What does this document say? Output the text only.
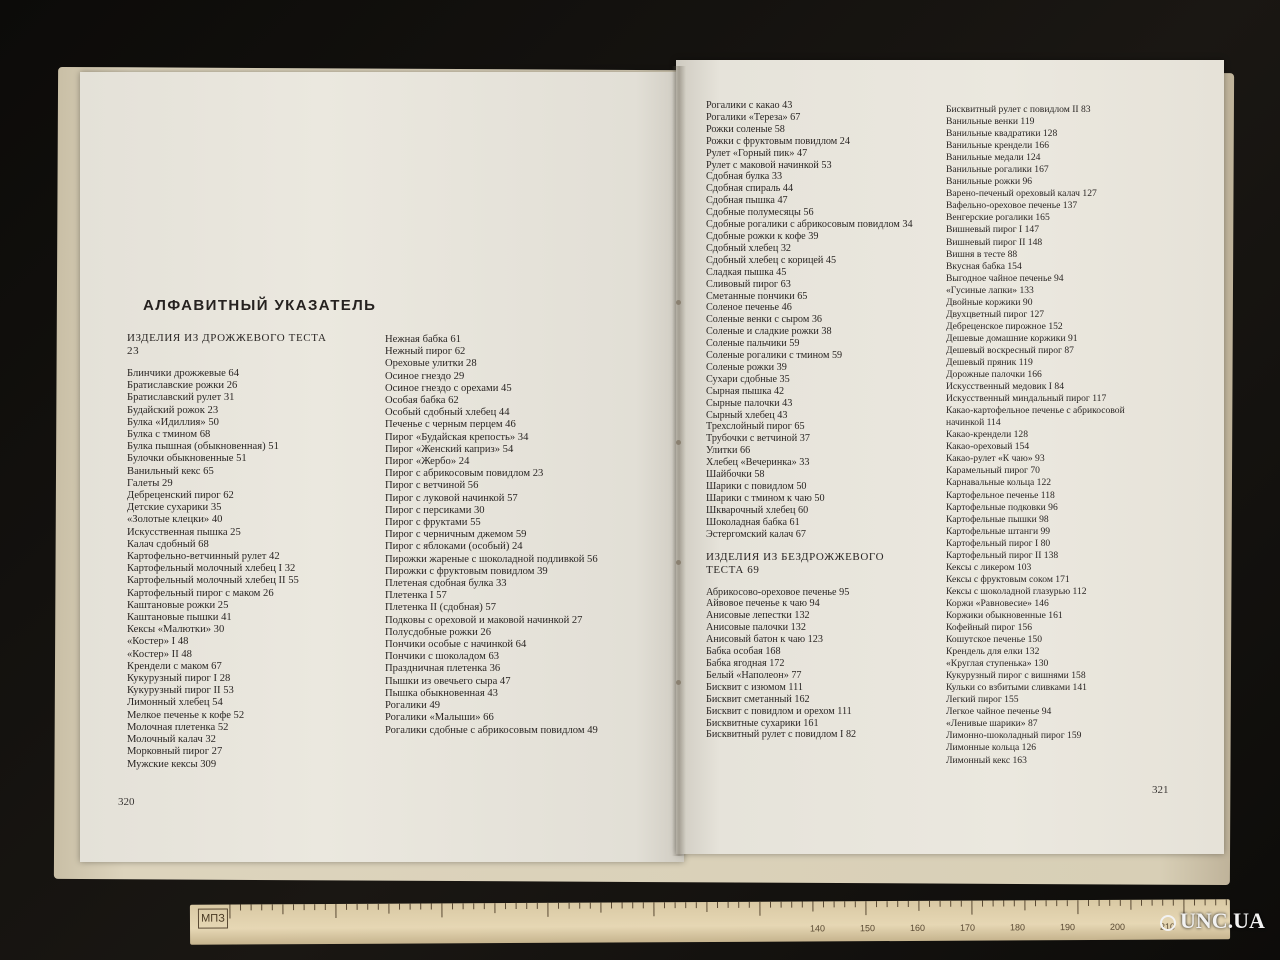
АЛФАВИТНЫЙ УКАЗАТЕЛЬ
ИЗДЕЛИЯ ИЗ ДРОЖЖЕВОГО ТЕСТА 23
Блинчики дрожжевые 64
Братиславские рожки 26
Братиславский рулет 31
Будайский рожок 23
Булка «Идиллия» 50
Булка с тмином 68
Булка пышная (обыкновенная) 51
Булочки обыкновенные 51
Ванильный кекс 65
Галеты 29
Дебреценский пирог 62
Детские сухарики 35
«Золотые клецки» 40
Искусственная пышка 25
Калач сдобный 68
Картофельно-ветчинный рулет 42
Картофельный молочный хлебец I 32
Картофельный молочный хлебец II 55
Картофельный пирог с маком 26
Каштановые рожки 25
Каштановые пышки 41
Кексы «Малютки» 30
«Костер» I 48
«Костер» II 48
Крендели с маком 67
Кукурузный пирог I 28
Кукурузный пирог II 53
Лимонный хлебец 54
Мелкое печенье к кофе 52
Молочная плетенка 52
Молочный калач 32
Морковный пирог 27
Мужские кексы 309
Нежная бабка 61
Нежный пирог 62
Ореховые улитки 28
Осиное гнездо 29
Осиное гнездо с орехами 45
Особая бабка 62
Особый сдобный хлебец 44
Печенье с черным перцем 46
Пирог «Будайская крепость» 34
Пирог «Женский каприз» 54
Пирог «Жербо» 24
Пирог с абрикосовым повидлом 23
Пирог с ветчиной 56
Пирог с луковой начинкой 57
Пирог с персиками 30
Пирог с фруктами 55
Пирог с черничным джемом 59
Пирог с яблоками (особый) 24
Пирожки жареные с шоколадной подливкой 56
Пирожки с фруктовым повидлом 39
Плетеная сдобная булка 33
Плетенка I 57
Плетенка II (сдобная) 57
Подковы с ореховой и маковой начинкой 27
Полусдобные рожки 26
Пончики особые с начинкой 64
Пончики с шоколадом 63
Праздничная плетенка 36
Пышки из овечьего сыра 47
Пышка обыкновенная 43
Рогалики 49
Рогалики «Малыши» 66
Рогалики сдобные с абрикосовым повидлом 49
320
Рогалики с какао 43
Рогалики «Тереза» 67
Рожки соленые 58
Рожки с фруктовым повидлом 24
Рулет «Горный пик» 47
Рулет с маковой начинкой 53
Сдобная булка 33
Сдобная спираль 44
Сдобная пышка 47
Сдобные полумесяцы 56
Сдобные рогалики с абрикосовым повидлом 34
Сдобные рожки к кофе 39
Сдобный хлебец 32
Сдобный хлебец с корицей 45
Сладкая пышка 45
Сливовый пирог 63
Сметанные пончики 65
Соленое печенье 46
Соленые венки с сыром 36
Соленые и сладкие рожки 38
Соленые пальчики 59
Соленые рогалики с тмином 59
Соленые рожки 39
Сухари сдобные 35
Сырная пышка 42
Сырные палочки 43
Сырный хлебец 43
Трехслойный пирог 65
Трубочки с ветчиной 37
Улитки 66
Хлебец «Вечеринка» 33
Шайбочки 58
Шарики с повидлом 50
Шарики с тмином к чаю 50
Шкварочный хлебец 60
Шоколадная бабка 61
Эстергомский калач 67
ИЗДЕЛИЯ ИЗ БЕЗДРОЖЖЕВОГО ТЕСТА 69
Абрикосово-ореховое печенье 95
Айвовое печенье к чаю 94
Анисовые лепестки 132
Анисовые палочки 132
Анисовый батон к чаю 123
Бабка особая 168
Бабка ягодная 172
Белый «Наполеон» 77
Бисквит с изюмом 111
Бисквит сметанный 162
Бисквит с повидлом и орехом 111
Бисквитные сухарики 161
Бисквитный рулет с повидлом I 82
Бисквитный рулет с повидлом II 83
Ванильные венки 119
Ванильные квадратики 128
Ванильные крендели 166
Ванильные медали 124
Ванильные рогалики 167
Ванильные рожки 96
Варено-печеный ореховый калач 127
Вафельно-ореховое печенье 137
Венгерские рогалики 165
Вишневый пирог I 147
Вишневый пирог II 148
Вишня в тесте 88
Вкусная бабка 154
Выгодное чайное печенье 94
«Гусиные лапки» 133
Двойные коржики 90
Двухцветный пирог 127
Дебреценское пирожное 152
Дешевые домашние коржики 91
Дешевый воскресный пирог 87
Дешевый пряник 119
Дорожные палочки 166
Искусственный медовик I 84
Искусственный миндальный пирог 117
Какао-картофельное печенье с абрикосовой начинкой 114
Какао-крендели 128
Какао-ореховый 154
Какао-рулет «К чаю» 93
Карамельный пирог 70
Карнавальные кольца 122
Картофельное печенье 118
Картофельные подковки 96
Картофельные пышки 98
Картофельные штанги 99
Картофельный пирог I 80
Картофельный пирог II 138
Кексы с ликером 103
Кексы с фруктовым соком 171
Кексы с шоколадной глазурью 112
Коржи «Равновесие» 146
Коржики обыкновенные 161
Кофейный пирог 156
Кошутское печенье 150
Крендель для елки 132
«Круглая ступенька» 130
Кукурузный пирог с вишнями 158
Кульки со взбитыми сливками 141
Легкий пирог 155
Легкое чайное печенье 94
«Ленивые шарики» 87
Лимонно-шоколадный пирог 159
Лимонные кольца 126
Лимонный кекс 163
321
МПЗ
140	150	160	170	180	190	200	210 UNC.UA
